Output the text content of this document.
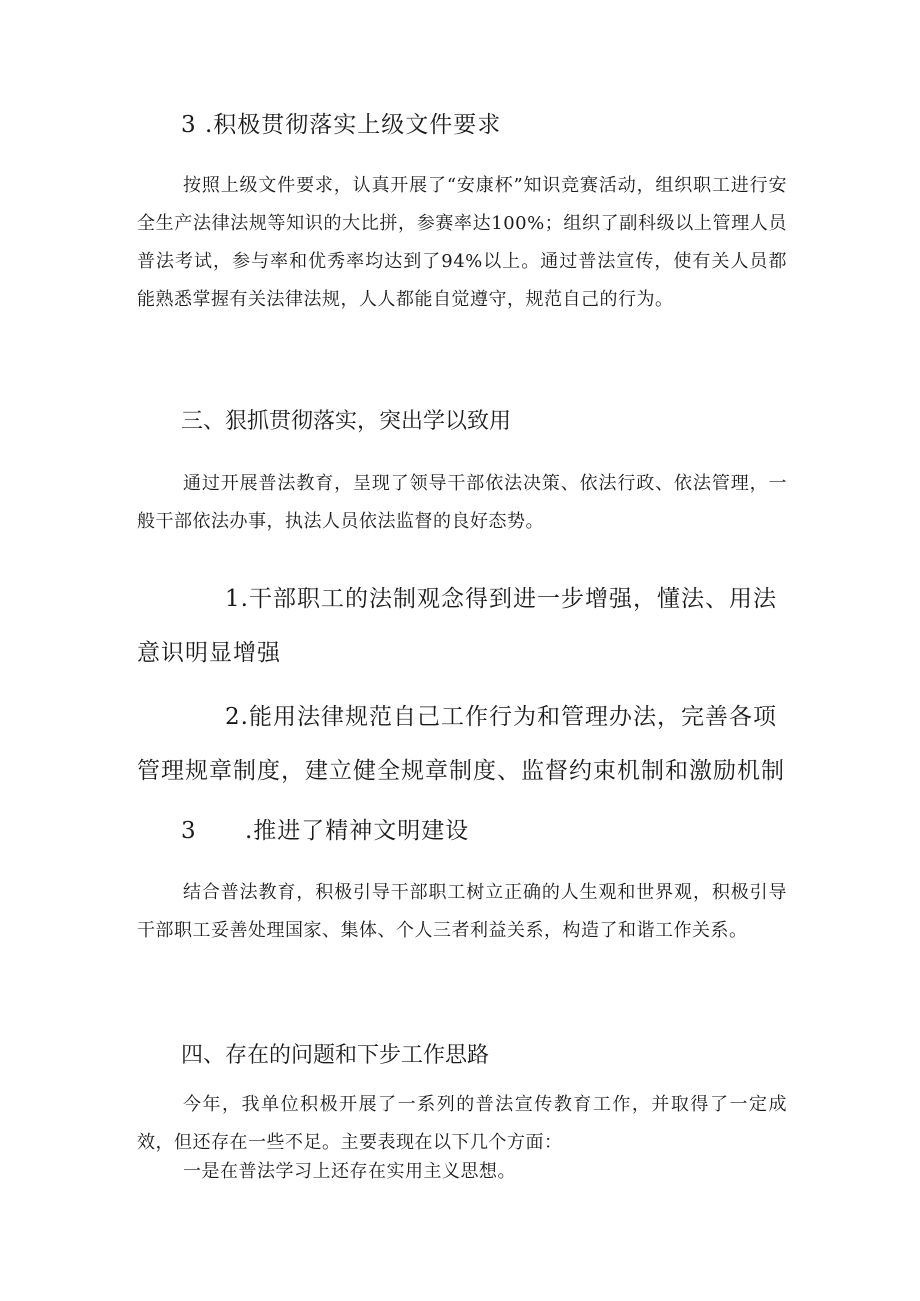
3 .积极贯彻落实上级文件要求

按照上级文件要求，认真开展了“安康杯”知识竞赛活动，组织职工进行安全生产法律法规等知识的大比拼，参赛率达100%；组织了副科级以上管理人员普法考试，参与率和优秀率均达到了94%以上。通过普法宣传，使有关人员都能熟悉掌握有关法律法规，人人都能自觉遵守，规范自己的行为。

三、狠抓贯彻落实，突出学以致用

通过开展普法教育，呈现了领导干部依法决策、依法行政、依法管理，一般干部依法办事，执法人员依法监督的良好态势。

1.干部职工的法制观念得到进一步增强，懂法、用法意识明显增强

2.能用法律规范自己工作行为和管理办法，完善各项管理规章制度，建立健全规章制度、监督约束机制和激励机制

3 .推进了精神文明建设

结合普法教育，积极引导干部职工树立正确的人生观和世界观，积极引导干部职工妥善处理国家、集体、个人三者利益关系，构造了和谐工作关系。

四、存在的问题和下步工作思路

今年，我单位积极开展了一系列的普法宣传教育工作，并取得了一定成效，但还存在一些不足。主要表现在以下几个方面：

一是在普法学习上还存在实用主义思想。
